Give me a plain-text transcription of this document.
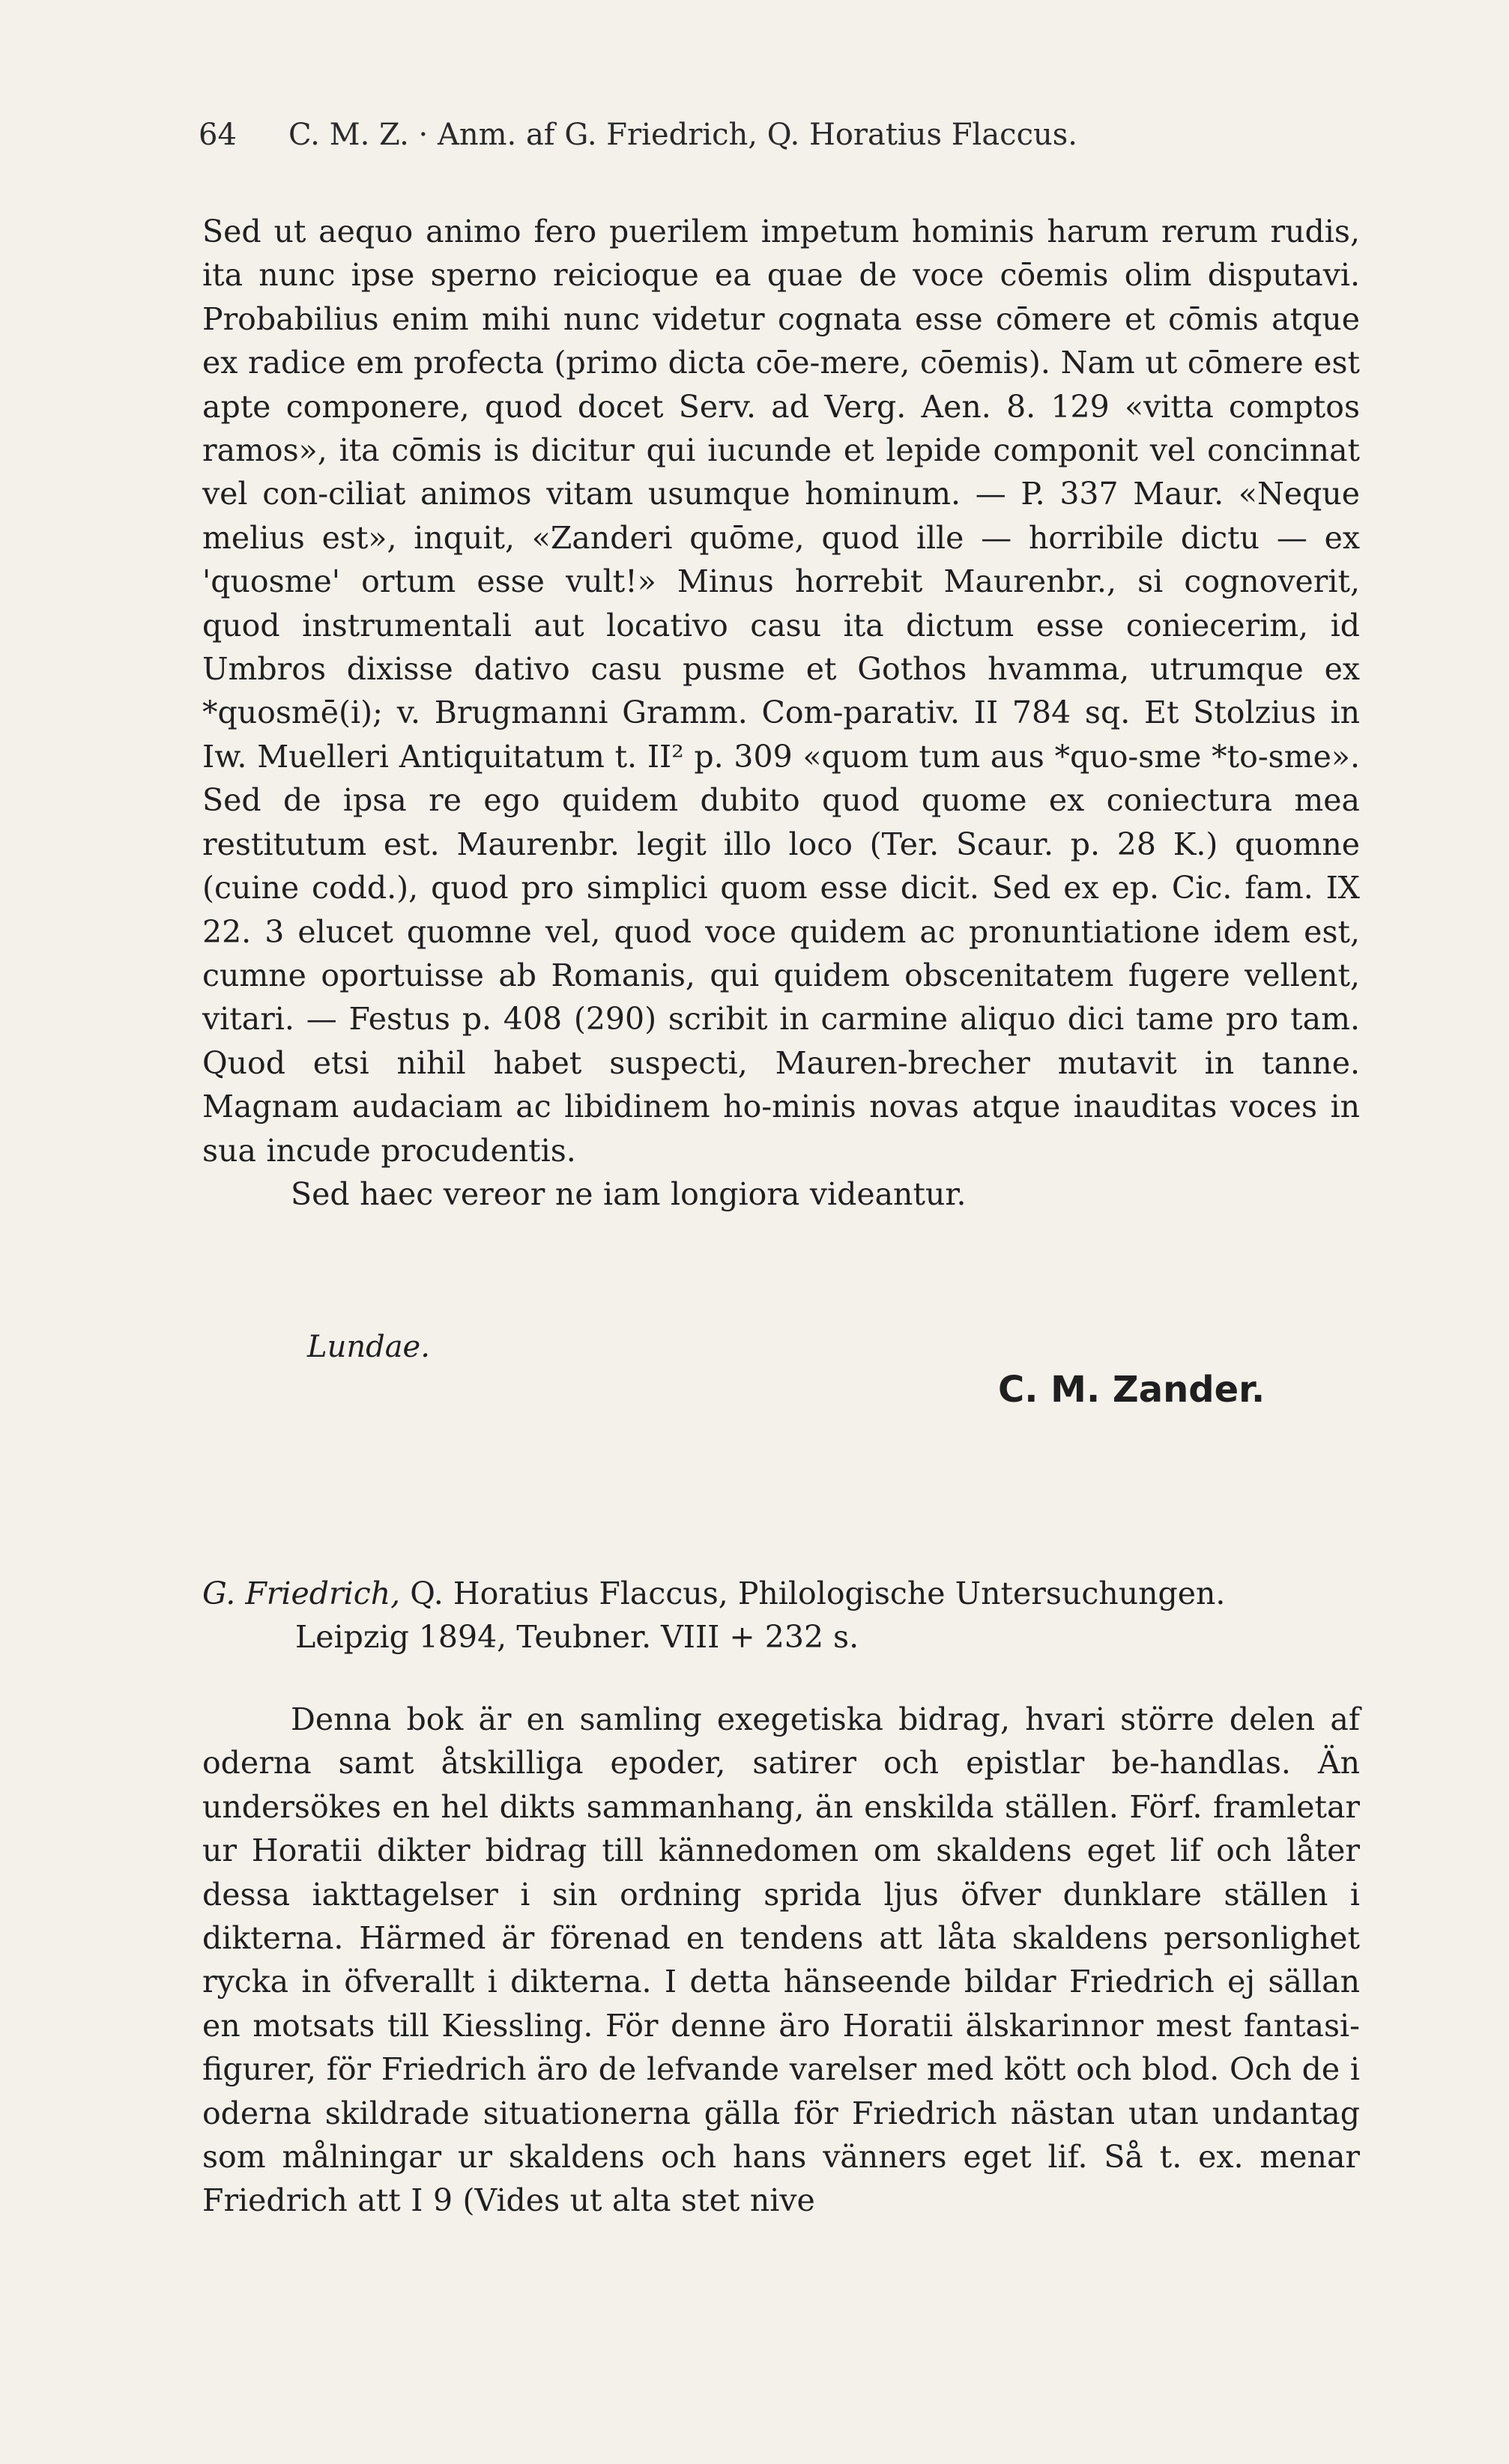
64 C. M. Z. · Anm. af G. Friedrich, Q. Horatius Flaccus.
Sed ut aequo animo fero puerilem impetum hominis harum rerum rudis, ita nunc ipse sperno reicioque ea quae de voce cōemis olim disputavi. Probabilius enim mihi nunc videtur cognata esse cōmere et cōmis atque ex radice em profecta (primo dicta cōe-mere, cōemis). Nam ut cōmere est apte componere, quod docet Serv. ad Verg. Aen. 8. 129 «vitta comptos ramos», ita cōmis is dicitur qui iucunde et lepide componit vel concinnat vel con-ciliat animos vitam usumque hominum. — P. 337 Maur. «Neque melius est», inquit, «Zanderi quōme, quod ille — horribile dictu — ex 'quosme' ortum esse vult!» Minus horrebit Maurenbr., si cognoverit, quod instrumentali aut locativo casu ita dictum esse coniecerim, id Umbros dixisse dativo casu pusme et Gothos hvamma, utrumque ex *quosmē(i); v. Brugmanni Gramm. Com-parativ. II 784 sq. Et Stolzius in Iw. Muelleri Antiquitatum t. II² p. 309 «quom tum aus *quo-sme *to-sme». Sed de ipsa re ego quidem dubito quod quome ex coniectura mea restitutum est. Maurenbr. legit illo loco (Ter. Scaur. p. 28 K.) quomne (cuine codd.), quod pro simplici quom esse dicit. Sed ex ep. Cic. fam. IX 22. 3 elucet quomne vel, quod voce quidem ac pronuntiatione idem est, cumne oportuisse ab Romanis, qui quidem obscenitatem fugere vellent, vitari. — Festus p. 408 (290) scribit in carmine aliquo dici tame pro tam. Quod etsi nihil habet suspecti, Mauren-brecher mutavit in tanne. Magnam audaciam ac libidinem ho-minis novas atque inauditas voces in sua incude procudentis.
Sed haec vereor ne iam longiora videantur.
Lundae.
C. M. Zander.
G. Friedrich, Q. Horatius Flaccus, Philologische Untersuchungen.
Leipzig 1894, Teubner. VIII + 232 s.
Denna bok är en samling exegetiska bidrag, hvari större delen af oderna samt åtskilliga epoder, satirer och epistlar be-handlas. Än undersökes en hel dikts sammanhang, än enskilda ställen. Förf. framletar ur Horatii dikter bidrag till kännedomen om skaldens eget lif och låter dessa iakttagelser i sin ordning sprida ljus öfver dunklare ställen i dikterna. Härmed är förenad en tendens att låta skaldens personlighet rycka in öfverallt i dikterna. I detta hänseende bildar Friedrich ej sällan en motsats till Kiessling. För denne äro Horatii älskarinnor mest fantasi-figurer, för Friedrich äro de lefvande varelser med kött och blod. Och de i oderna skildrade situationerna gälla för Friedrich nästan utan undantag som målningar ur skaldens och hans vänners eget lif. Så t. ex. menar Friedrich att I 9 (Vides ut alta stet nive
